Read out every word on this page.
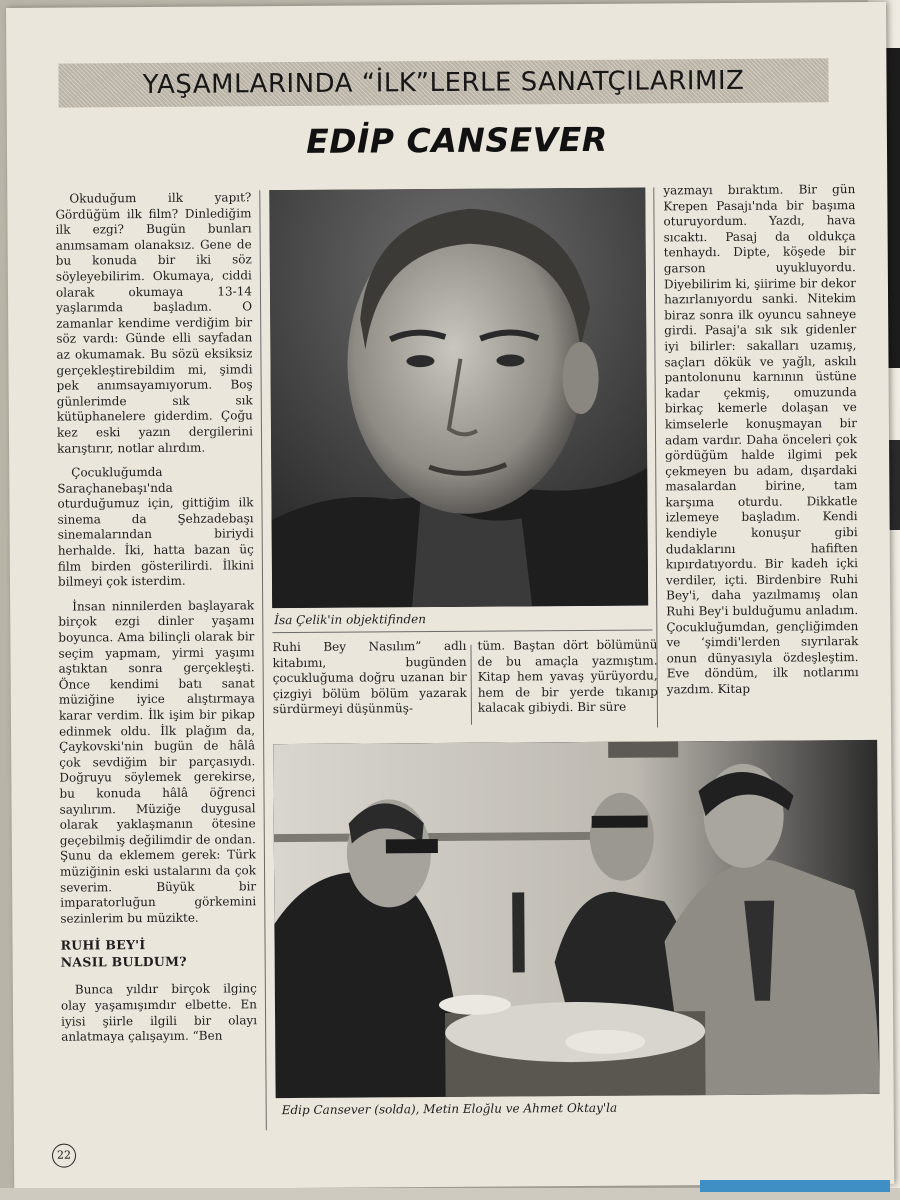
YAŞAMLARINDA “İLK”LERLE SANATÇILARIMIZ
EDİP CANSEVER

Okuduğum ilk yapıt? Gördüğüm ilk film? Dinlediğim ilk ezgi? Bugün bunları anımsamam olanaksız. Gene de bu konuda bir iki söz söyleyebilirim. Okumaya, ciddi olarak okumaya 13-14 yaşlarımda başladım. O zamanlar kendime verdiğim bir söz vardı: Günde elli sayfadan az okumamak. Bu sözü eksiksiz gerçekleştirebildim mi, şimdi pek anımsayamıyorum. Boş günlerimde sık sık kütüphanelere giderdim. Çoğu kez eski yazın dergilerini karıştırır, notlar alırdım.

Çocukluğumda Saraçhanebaşı'nda oturduğumuz için, gittiğim ilk sinema da Şehzadebaşı sinemalarından biriydi herhalde. İki, hatta bazan üç film birden gösterilirdi. İlkini bilmeyi çok isterdim.

İnsan ninnilerden başlayarak birçok ezgi dinler yaşamı boyunca. Ama bilinçli olarak bir seçim yapmam, yirmi yaşımı aştıktan sonra gerçekleşti. Önce kendimi batı sanat müziğine iyice alıştırmaya karar verdim. İlk işim bir pikap edinmek oldu. İlk plağım da, Çaykovski'nin bugün de hâlâ çok sevdiğim bir parçasıydı. Doğruyu söylemek gerekirse, bu konuda hâlâ öğrenci sayılırım. Müziğe duygusal olarak yaklaşmanın ötesine geçebilmiş değilimdir de ondan. Şunu da eklemem gerek: Türk müziğinin eski ustalarını da çok severim. Büyük bir imparatorluğun görkemini sezinlerim bu müzikte.

RUHİ BEY'İ
NASIL BULDUM?

Bunca yıldır birçok ilginç olay yaşamışımdır elbette. En iyisi şiirle ilgili bir olayı anlatmaya çalışayım. “Ben

İsa Çelik'in objektifinden

Ruhi Bey Nasılım” adlı kitabımı, bugünden çocukluğuma doğru uzanan bir çizgiyi bölüm bölüm yazarak sürdürmeyi düşünmüş-

tüm. Baştan dört bölümünü de bu amaçla yazmıştım. Kitap hem yavaş yürüyordu, hem de bir yerde tıkanıp kalacak gibiydi. Bir süre

yazmayı bıraktım. Bir gün Krepen Pasajı'nda bir başıma oturuyordum. Yazdı, hava sıcaktı. Pasaj da oldukça tenhaydı. Dipte, köşede bir garson uyukluyordu. Diyebilirim ki, şiirime bir dekor hazırlanıyordu sanki. Nitekim biraz sonra ilk oyuncu sahneye girdi. Pasaj'a sık sık gidenler iyi bilirler: sakalları uzamış, saçları dökük ve yağlı, askılı pantolonunu karnının üstüne kadar çekmiş, omuzunda birkaç kemerle dolaşan ve kimselerle konuşmayan bir adam vardır. Daha önceleri çok gördüğüm halde ilgimi pek çekmeyen bu adam, dışardaki masalardan birine, tam karşıma oturdu. Dikkatle izlemeye başladım. Kendi kendiyle konuşur gibi dudaklarını hafiften kıpırdatıyordu. Bir kadeh içki verdiler, içti. Birdenbire Ruhi Bey'i, daha yazılmamış olan Ruhi Bey'i bulduğumu anladım. Çocukluğumdan, gençliğimden ve ‘şimdi'lerden sıyrılarak onun dünyasıyla özdeşleştim. Eve döndüm, ilk notlarımı yazdım. Kitap

Edip Cansever (solda), Metin Eloğlu ve Ahmet Oktay'la
22
